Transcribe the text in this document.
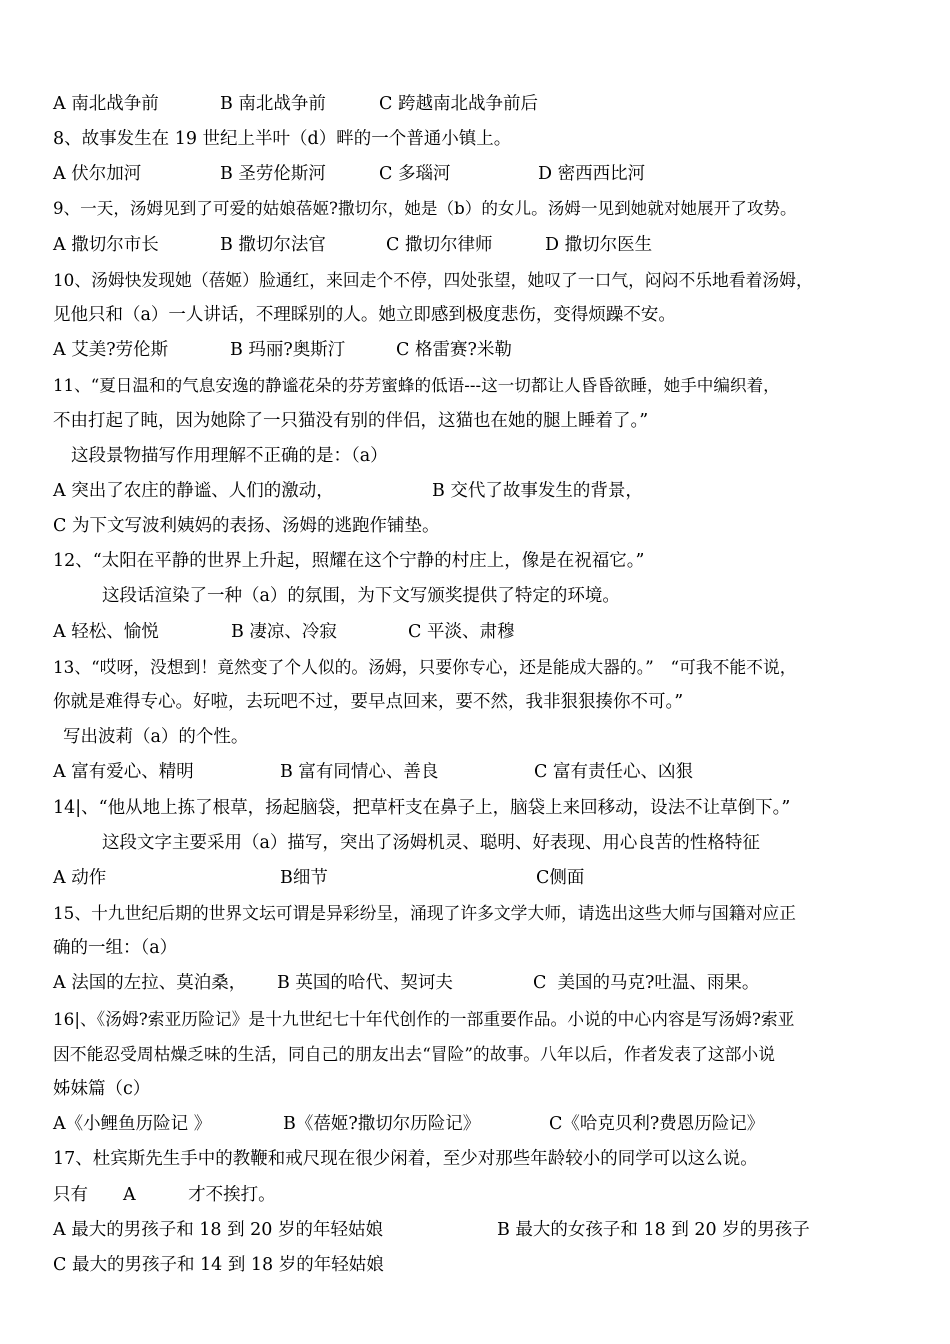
A 南北战争前	B 南北战争前	C 跨越南北战争前后
8、故事发生在 19 世纪上半叶（d）畔的一个普通小镇上。
A 伏尔加河	B 圣劳伦斯河	C 多瑙河	D 密西西比河
9、一天，汤姆见到了可爱的姑娘蓓姬?撒切尔，她是（b）的女儿。汤姆一见到她就对她展开了攻势。
A 撒切尔市长	B 撒切尔法官	C 撒切尔律师	D 撒切尔医生
10、汤姆快发现她（蓓姬）脸通红，来回走个不停，四处张望，她叹了一口气，闷闷不乐地看着汤姆，
见他只和（a）一人讲话，不理睬别的人。她立即感到极度悲伤，变得烦躁不安。
A 艾美?劳伦斯	B 玛丽?奥斯汀	C 格雷赛?米勒
11、“夏日温和的气息安逸的静谧花朵的芬芳蜜蜂的低语---这一切都让人昏昏欲睡，她手中编织着，
不由打起了盹，因为她除了一只猫没有别的伴侣，这猫也在她的腿上睡着了。”
这段景物描写作用理解不正确的是：（a）
A 突出了农庄的静谧、人们的激动，	B 交代了故事发生的背景，
C 为下文写波利姨妈的表扬、汤姆的逃跑作铺垫。
12、“太阳在平静的世界上升起，照耀在这个宁静的村庄上，像是在祝福它。”
这段话渲染了一种（a）的氛围，为下文写颁奖提供了特定的环境。
A 轻松、愉悦	B 凄凉、冷寂	C 平淡、肃穆
13、“哎呀，没想到！竟然变了个人似的。汤姆，只要你专心，还是能成大器的。”　“可我不能不说，
你就是难得专心。好啦，去玩吧不过，要早点回来，要不然，我非狠狠揍你不可。”
写出波莉（a）的个性。
A 富有爱心、精明	B 富有同情心、善良	C 富有责任心、凶狠
14|、“他从地上拣了根草，扬起脑袋，把草杆支在鼻子上，脑袋上来回移动，设法不让草倒下。”
这段文字主要采用（a）描写，突出了汤姆机灵、聪明、好表现、用心良苦的性格特征
A 动作	B细节	C侧面
15、十九世纪后期的世界文坛可谓是异彩纷呈，涌现了许多文学大师，请选出这些大师与国籍对应正
确的一组：（a）
A 法国的左拉、莫泊桑， B 英国的哈代、契诃夫	C  美国的马克?吐温、雨果。
16|、《汤姆?索亚历险记》是十九世纪七十年代创作的一部重要作品。小说的中心内容是写汤姆?索亚
因不能忍受周枯燥乏味的生活，同自己的朋友出去“冒险”的故事。八年以后，作者发表了这部小说
姊妹篇（c）
A《小鲤鱼历险记 》	B《蓓姬?撒切尔历险记》	C《哈克贝利?费恩历险记》
17、杜宾斯先生手中的教鞭和戒尺现在很少闲着，至少对那些年龄较小的同学可以这么说。
只有　　A　　　才不挨打。
A 最大的男孩子和 18 到 20 岁的年轻姑娘	B 最大的女孩子和 18 到 20 岁的男孩子
C 最大的男孩子和 14 到 18 岁的年轻姑娘
